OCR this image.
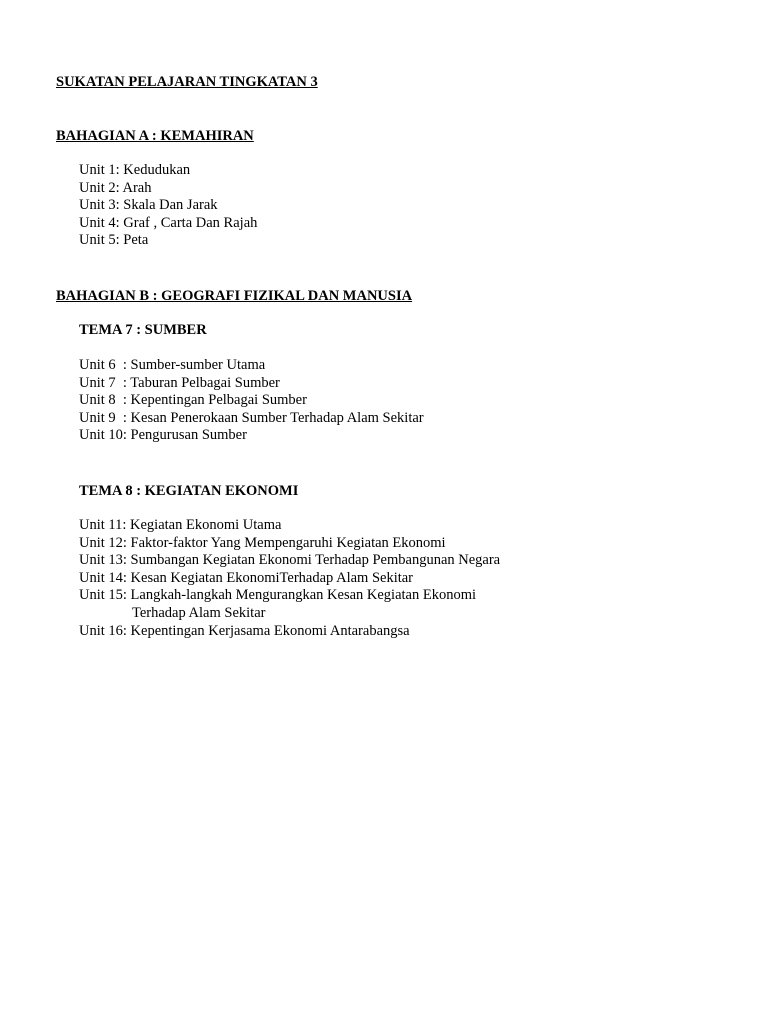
SUKATAN PELAJARAN TINGKATAN 3
BAHAGIAN A : KEMAHIRAN
Unit 1: Kedudukan
Unit 2: Arah
Unit 3: Skala Dan Jarak
Unit 4: Graf , Carta Dan Rajah
Unit 5: Peta
BAHAGIAN B : GEOGRAFI FIZIKAL DAN MANUSIA
TEMA 7 : SUMBER
Unit 6  : Sumber-sumber Utama
Unit 7  : Taburan Pelbagai Sumber
Unit 8  : Kepentingan Pelbagai Sumber
Unit 9  : Kesan Penerokaan Sumber Terhadap Alam Sekitar
Unit 10: Pengurusan Sumber
TEMA 8 : KEGIATAN EKONOMI
Unit 11: Kegiatan Ekonomi Utama
Unit 12: Faktor-faktor Yang Mempengaruhi Kegiatan Ekonomi
Unit 13: Sumbangan Kegiatan Ekonomi Terhadap Pembangunan Negara
Unit 14: Kesan Kegiatan EkonomiTerhadap Alam Sekitar
Unit 15: Langkah-langkah Mengurangkan Kesan Kegiatan Ekonomi
Terhadap Alam Sekitar
Unit 16: Kepentingan Kerjasama Ekonomi Antarabangsa
